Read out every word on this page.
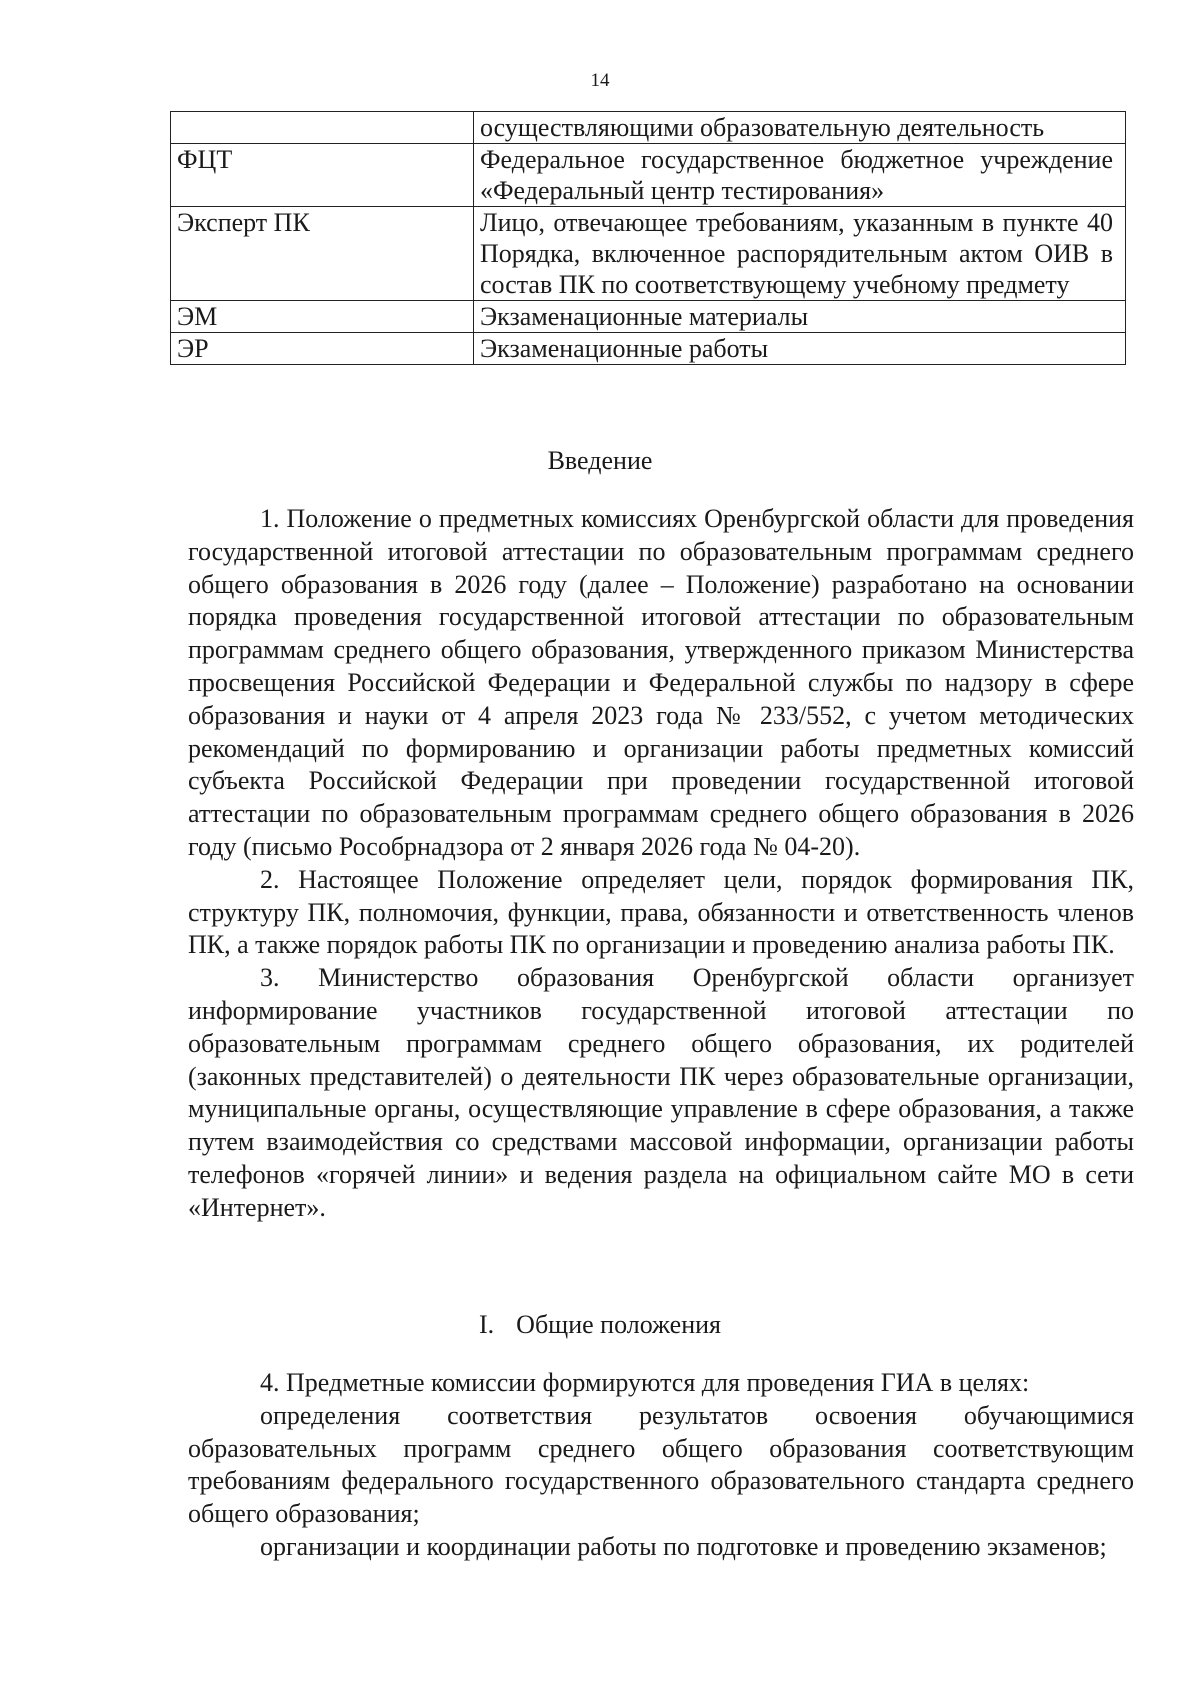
14
	осуществляющими образовательную деятельность
ФЦТ	Федеральное государственное бюджетное учреждение «Федеральный центр тестирования»
Эксперт ПК	Лицо, отвечающее требованиям, указанным в пункте 40 Порядка, включенное распорядительным актом ОИВ в состав ПК по соответствующему учебному предмету
ЭМ	Экзаменационные материалы
ЭР	Экзаменационные работы
Введение

1. Положение о предметных комиссиях Оренбургской области для проведения государственной итоговой аттестации по образовательным программам среднего общего образования в 2026 году (далее – Положение) разработано на основании порядка проведения государственной итоговой аттестации по образовательным программам среднего общего образования, утвержденного приказом Министерства просвещения Российской Федерации и Федеральной службы по надзору в сфере образования и науки от 4 апреля 2023 года № 233/552, с учетом методических рекомендаций по формированию и организации работы предметных комиссий субъекта Российской Федерации при проведении государственной итоговой аттестации по образовательным программам среднего общего образования в 2026 году (письмо Рособрнадзора от 2 января 2026 года № 04-20).

2. Настоящее Положение определяет цели, порядок формирования ПК, структуру ПК, полномочия, функции, права, обязанности и ответственность членов ПК, а также порядок работы ПК по организации и проведению анализа работы ПК.

3. Министерство образования Оренбургской области организует информирование участников государственной итоговой аттестации по образовательным программам среднего общего образования, их родителей (законных представителей) о деятельности ПК через образовательные организации, муниципальные органы, осуществляющие управление в сфере образования, а также путем взаимодействия со средствами массовой информации, организации работы телефонов «горячей линии» и ведения раздела на официальном сайте МО в сети «Интернет».

I. Общие положения

4. Предметные комиссии формируются для проведения ГИА в целях:

определения соответствия результатов освоения обучающимися образовательных программ среднего общего образования соответствующим требованиям федерального государственного образовательного стандарта среднего общего образования;

организации и координации работы по подготовке и проведению экзаменов;
